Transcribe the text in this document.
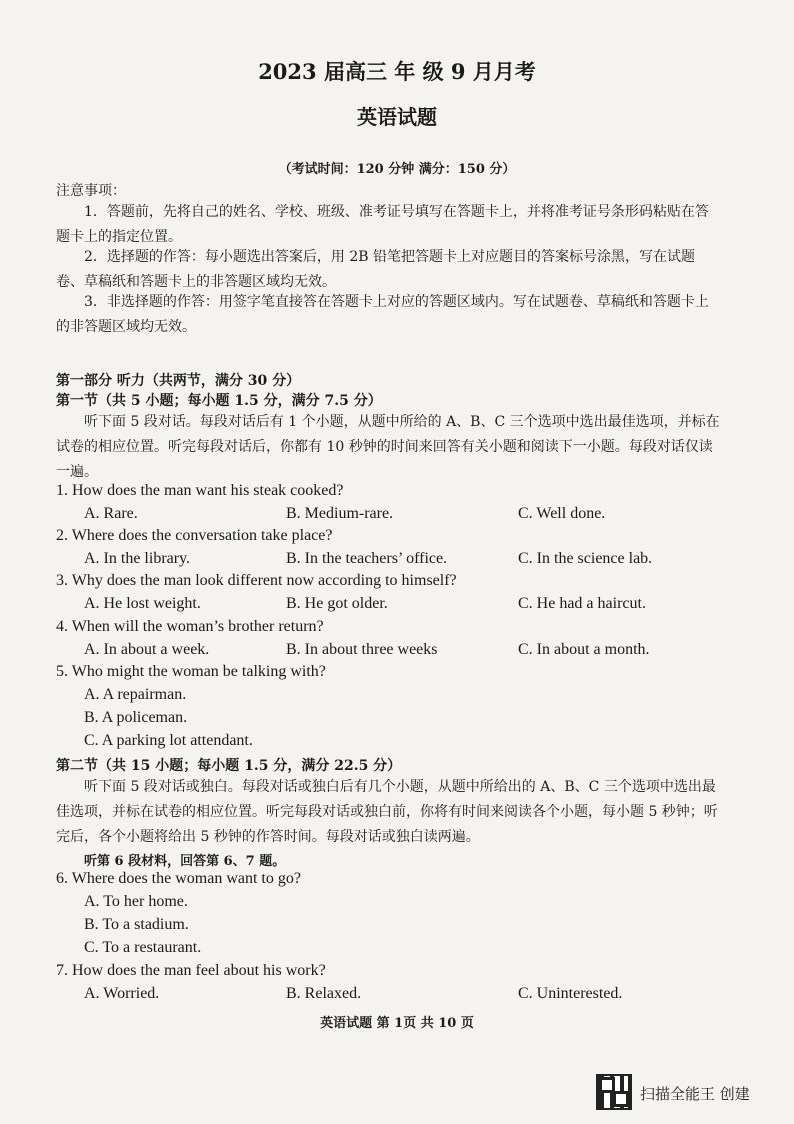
2023 届高三 年 级 9 月月考
英语试题
（考试时间：120 分钟 满分：150 分）
注意事项：
1．答题前，先将自己的姓名、学校、班级、准考证号填写在答题卡上，并将准考证号条形码粘贴在答题卡上的指定位置。
2．选择题的作答：每小题选出答案后，用 2B 铅笔把答题卡上对应题目的答案标号涂黑，写在试题卷、草稿纸和答题卡上的非答题区域均无效。
3．非选择题的作答：用签字笔直接答在答题卡上对应的答题区域内。写在试题卷、草稿纸和答题卡上的非答题区域均无效。
第一部分 听力（共两节，满分 30 分）
第一节（共 5 小题；每小题 1.5 分，满分 7.5 分）
听下面 5 段对话。每段对话后有 1 个小题，从题中所给的 A、B、C 三个选项中选出最佳选项，并标在试卷的相应位置。听完每段对话后，你都有 10 秒钟的时间来回答有关小题和阅读下一小题。每段对话仅读一遍。
1. How does the man want his steak cooked?
A. Rare.	B. Medium-rare.	C. Well done.
2. Where does the conversation take place?
A. In the library.	B. In the teachers’ office.	C. In the science lab.
3. Why does the man look different now according to himself?
A. He lost weight.	B. He got older.	C. He had a haircut.
4. When will the woman’s brother return?
A. In about a week.	B. In about three weeks	C. In about a month.
5. Who might the woman be talking with?
A. A repairman.
B. A policeman.
C. A parking lot attendant.
第二节（共 15 小题；每小题 1.5 分，满分 22.5 分）
听下面 5 段对话或独白。每段对话或独白后有几个小题，从题中所给出的 A、B、C 三个选项中选出最佳选项，并标在试卷的相应位置。听完每段对话或独白前，你将有时间来阅读各个小题，每小题 5 秒钟；听完后，各个小题将给出 5 秒钟的作答时间。每段对话或独白读两遍。
听第 6 段材料，回答第 6、7 题。
6. Where does the woman want to go?
A. To her home.
B. To a stadium.
C. To a restaurant.
7. How does the man feel about his work?
A. Worried.	B. Relaxed.	C. Uninterested.
英语试题 第 1页 共 10 页
扫描全能王 创建
